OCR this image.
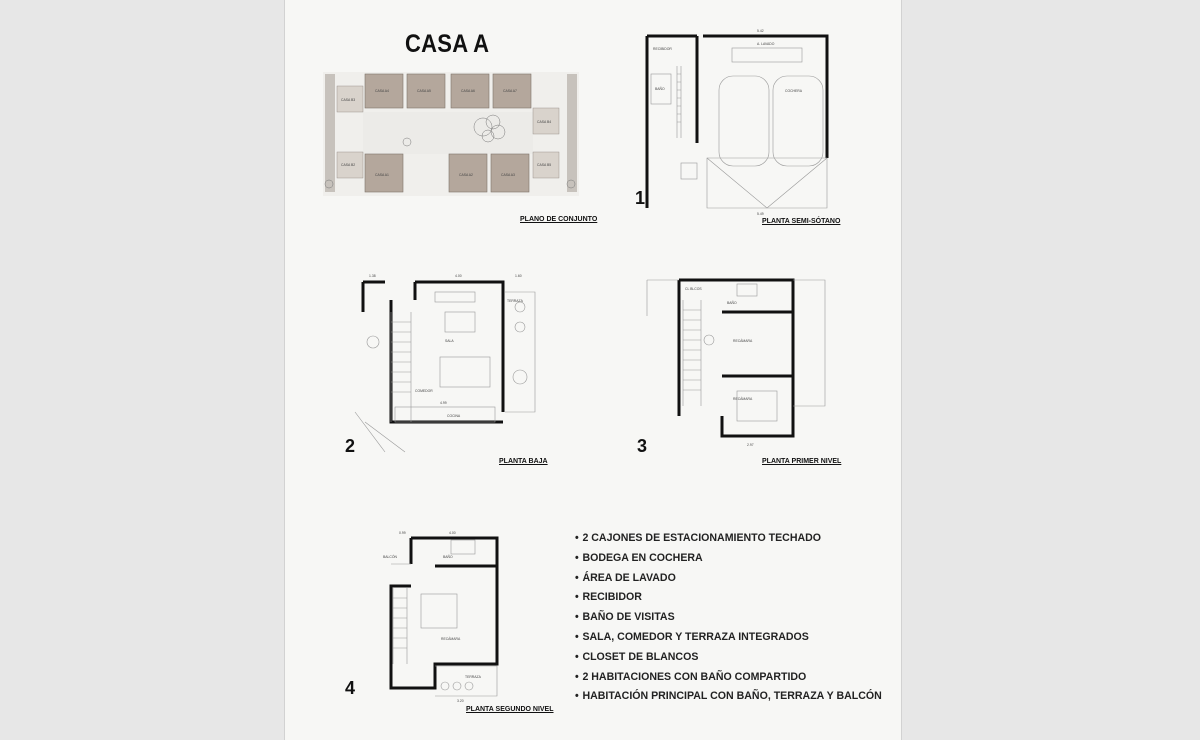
CASA A
CASA A4	CASA A5	CASA A6	CASA A7
CASA A1	CASA A2	CASA A3
CASA B3
CASA B2
CASA B4
CASA B5
PLANO DE CONJUNTO
RECIBIDOR
A. LAVADO
BAÑO	COCHERA
5.42
5.49
1
PLANTA SEMI-SÓTANO
SALA
COMEDOR
TERRAZA
COCINA
4.00
1.38	1.60
4.99
2
PLANTA BAJA
CL BLCOS
BAÑO
RECÁMARA
RECÁMARA
2.97
3
PLANTA PRIMER NIVEL
BALCÓN	BAÑO
RECÁMARA
TERRAZA
4.00
0.99
3.20
4
PLANTA SEGUNDO NIVEL
• 2 CAJONES DE ESTACIONAMIENTO TECHADO
• BODEGA EN COCHERA
• ÁREA DE LAVADO
• RECIBIDOR
• BAÑO DE VISITAS
• SALA, COMEDOR Y TERRAZA INTEGRADOS
• CLOSET DE BLANCOS
• 2 HABITACIONES CON BAÑO COMPARTIDO
• HABITACIÓN PRINCIPAL CON BAÑO, TERRAZA Y BALCÓN
